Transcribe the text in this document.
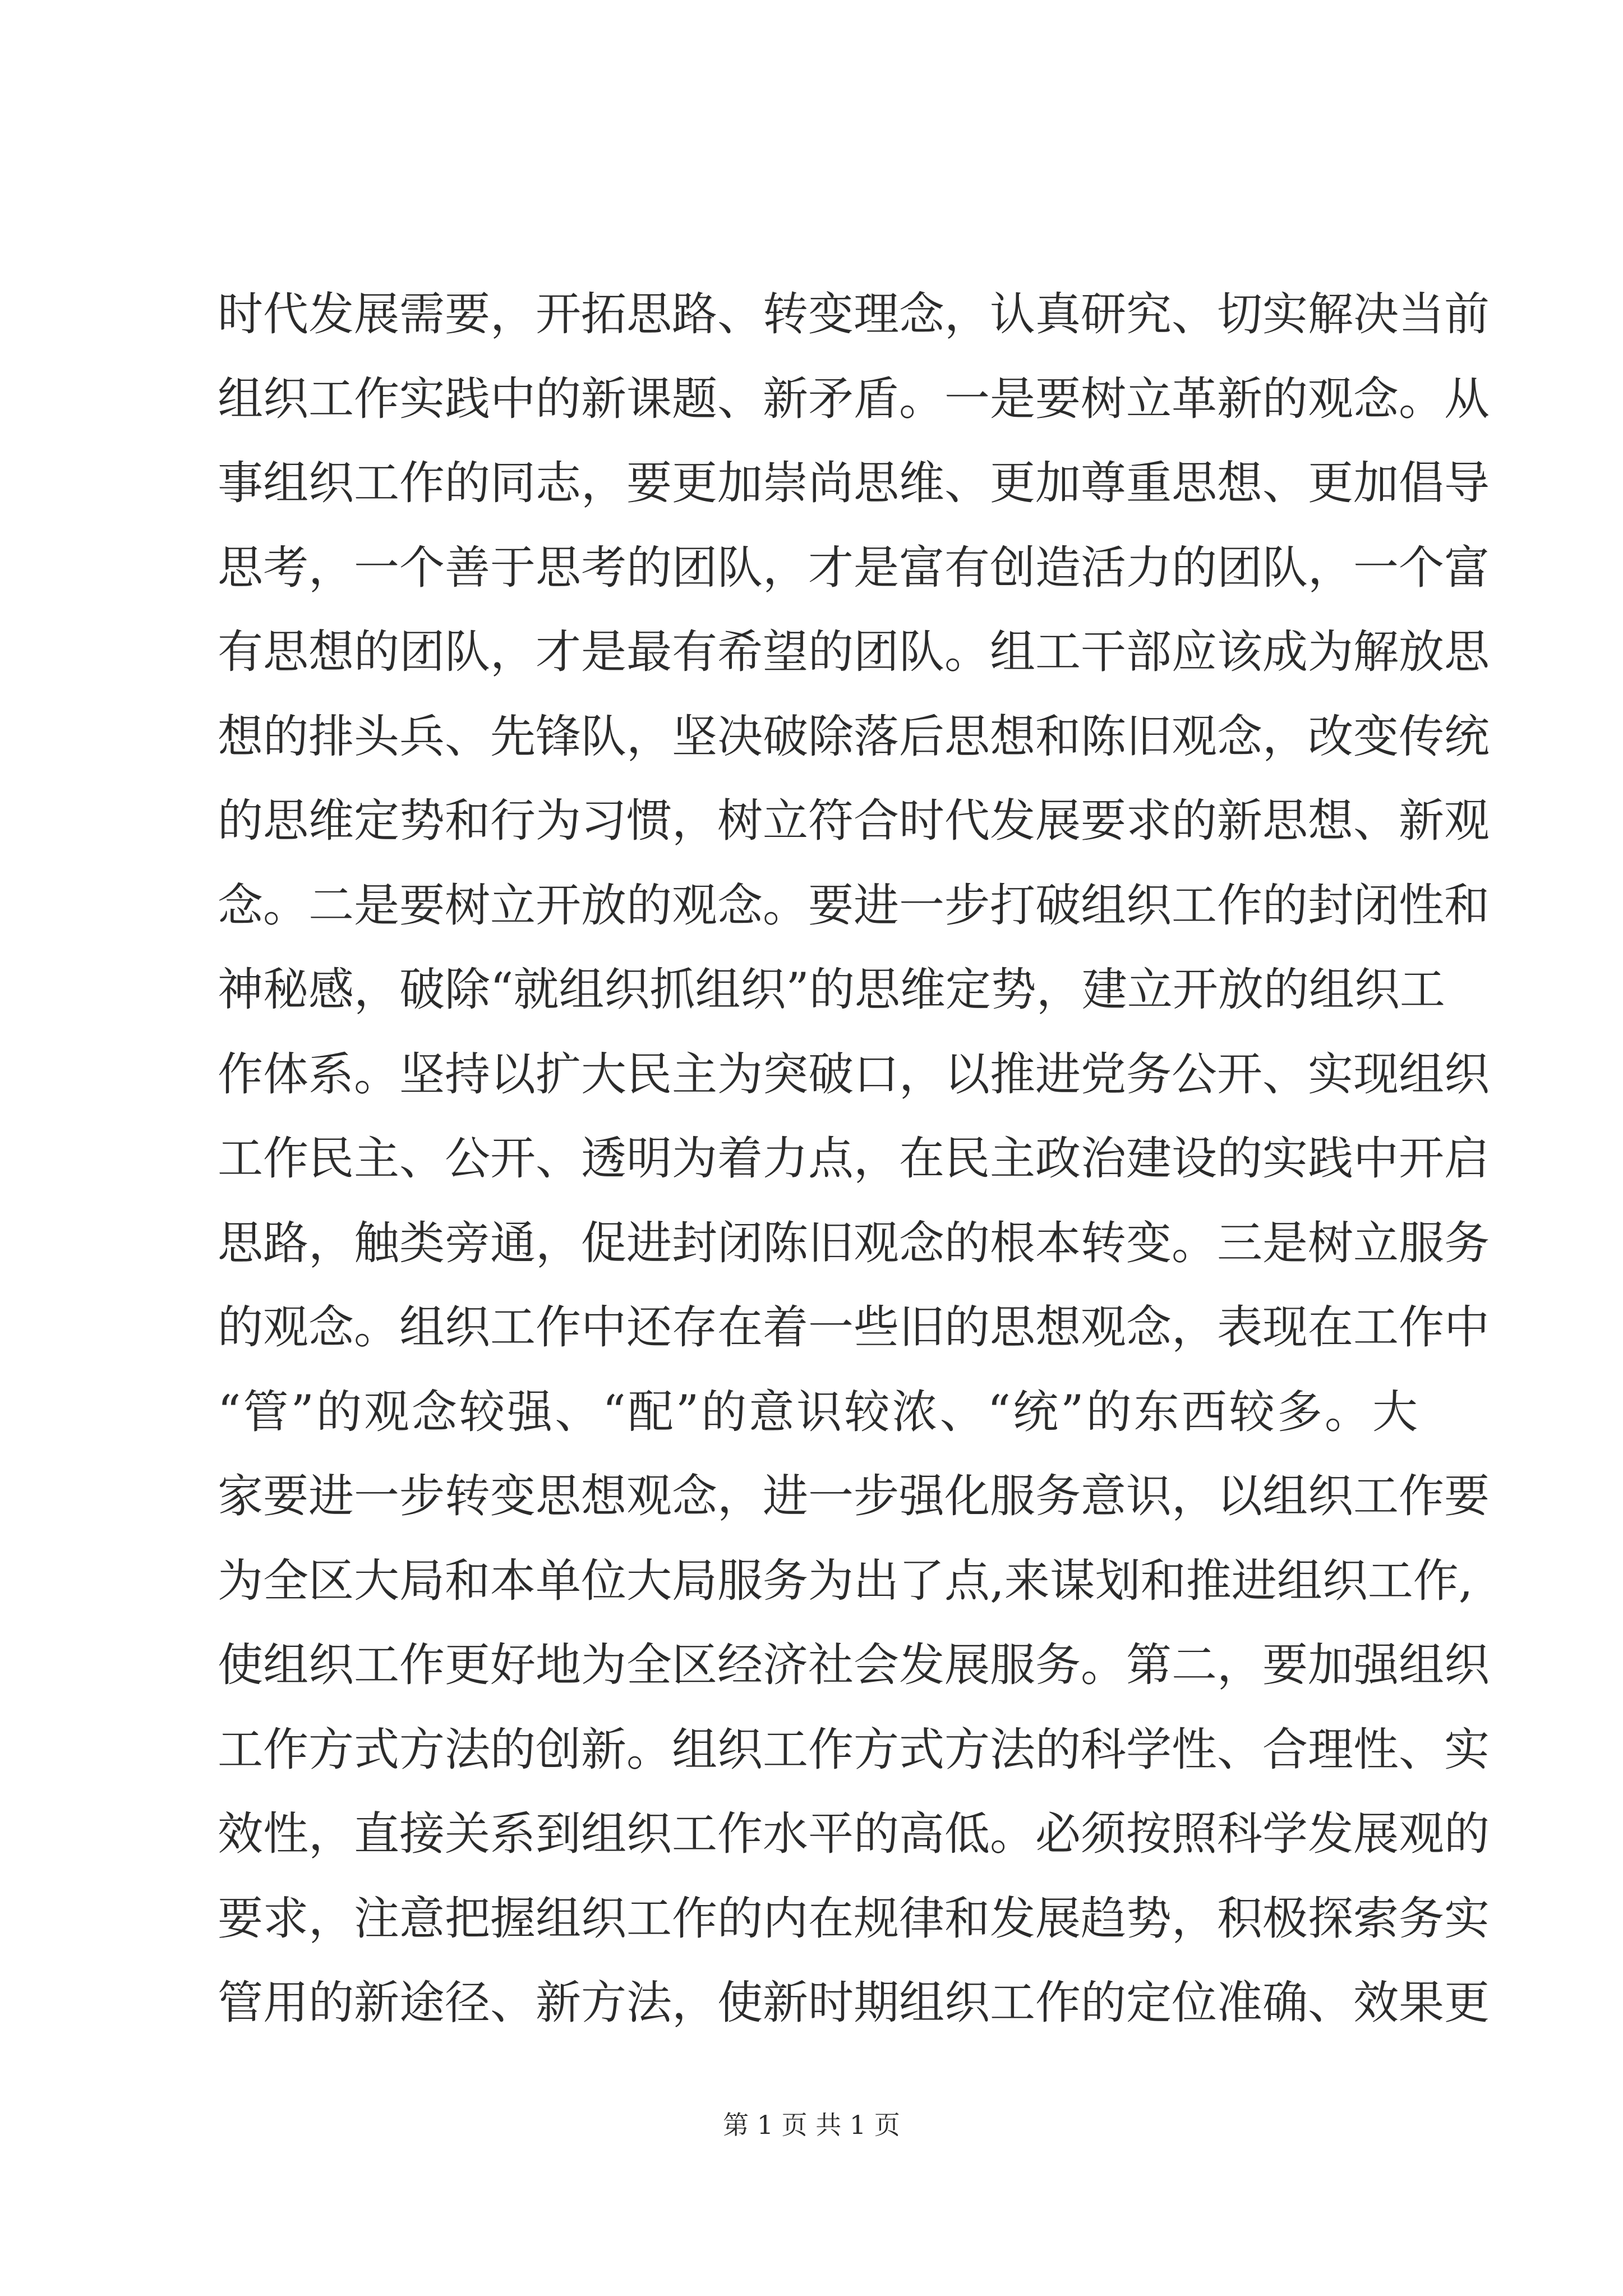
时代发展需要，开拓思路、转变理念，认真研究、切实解决当前
组织工作实践中的新课题、新矛盾。一是要树立革新的观念。从
事组织工作的同志，要更加崇尚思维、更加尊重思想、更加倡导
思考，一个善于思考的团队，才是富有创造活力的团队，一个富
有思想的团队，才是最有希望的团队。组工干部应该成为解放思
想的排头兵、先锋队，坚决破除落后思想和陈旧观念，改变传统
的思维定势和行为习惯，树立符合时代发展要求的新思想、新观
念。二是要树立开放的观念。要进一步打破组织工作的封闭性和
神秘感，破除“就组织抓组织”的思维定势，建立开放的组织工
作体系。坚持以扩大民主为突破口，以推进党务公开、实现组织
工作民主、公开、透明为着力点，在民主政治建设的实践中开启
思路，触类旁通，促进封闭陈旧观念的根本转变。三是树立服务
的观念。组织工作中还存在着一些旧的思想观念，表现在工作中
“管”的观念较强、“配”的意识较浓、“统”的东西较多。大
家要进一步转变思想观念，进一步强化服务意识，以组织工作要
为全区大局和本单位大局服务为出了点,来谋划和推进组织工作,
使组织工作更好地为全区经济社会发展服务。第二，要加强组织
工作方式方法的创新。组织工作方式方法的科学性、合理性、实
效性，直接关系到组织工作水平的高低。必须按照科学发展观的
要求，注意把握组织工作的内在规律和发展趋势，积极探索务实
管用的新途径、新方法，使新时期组织工作的定位准确、效果更
第 1 页 共 1 页
